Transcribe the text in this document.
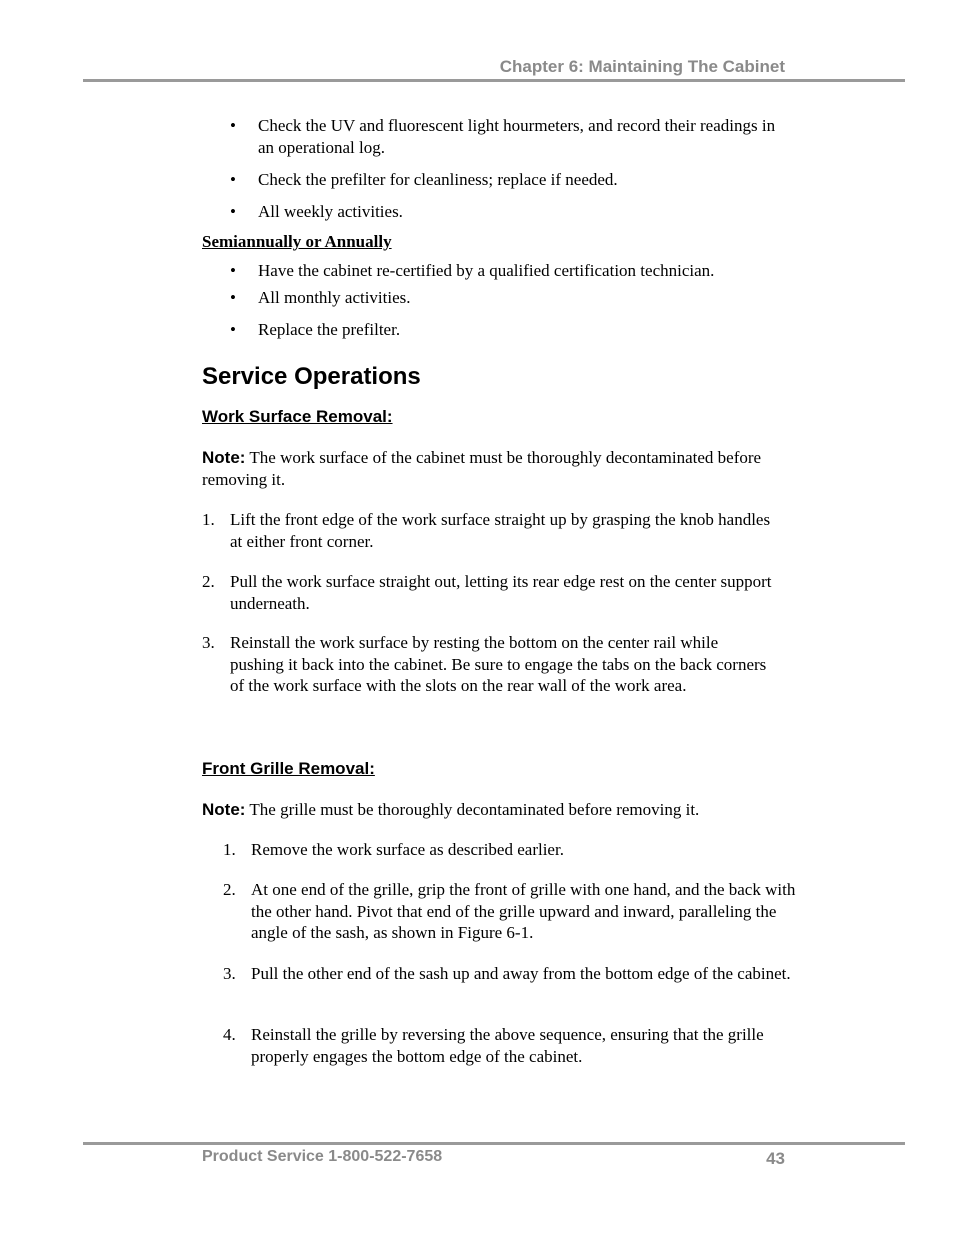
Chapter 6: Maintaining The Cabinet
• Check the UV and fluorescent light hourmeters, and record their readings in an operational log.
• Check the prefilter for cleanliness; replace if needed.
• All weekly activities.
Semiannually or Annually
• Have the cabinet re-certified by a qualified certification technician.
• All monthly activities.
• Replace the prefilter.
Service Operations
Work Surface Removal:
Note: The work surface of the cabinet must be thoroughly decontaminated before removing it.
1. Lift the front edge of the work surface straight up by grasping the knob handles at either front corner.
2. Pull the work surface straight out, letting its rear edge rest on the center support underneath.
3. Reinstall the work surface by resting the bottom on the center rail while pushing it back into the cabinet. Be sure to engage the tabs on the back corners of the work surface with the slots on the rear wall of the work area.
Front Grille Removal:
Note: The grille must be thoroughly decontaminated before removing it.
1. Remove the work surface as described earlier.
2. At one end of the grille, grip the front of grille with one hand, and the back with the other hand. Pivot that end of the grille upward and inward, paralleling the angle of the sash, as shown in Figure 6-1.
3. Pull the other end of the sash up and away from the bottom edge of the cabinet.
4. Reinstall the grille by reversing the above sequence, ensuring that the grille properly engages the bottom edge of the cabinet.
Product Service 1-800-522-7658	43
